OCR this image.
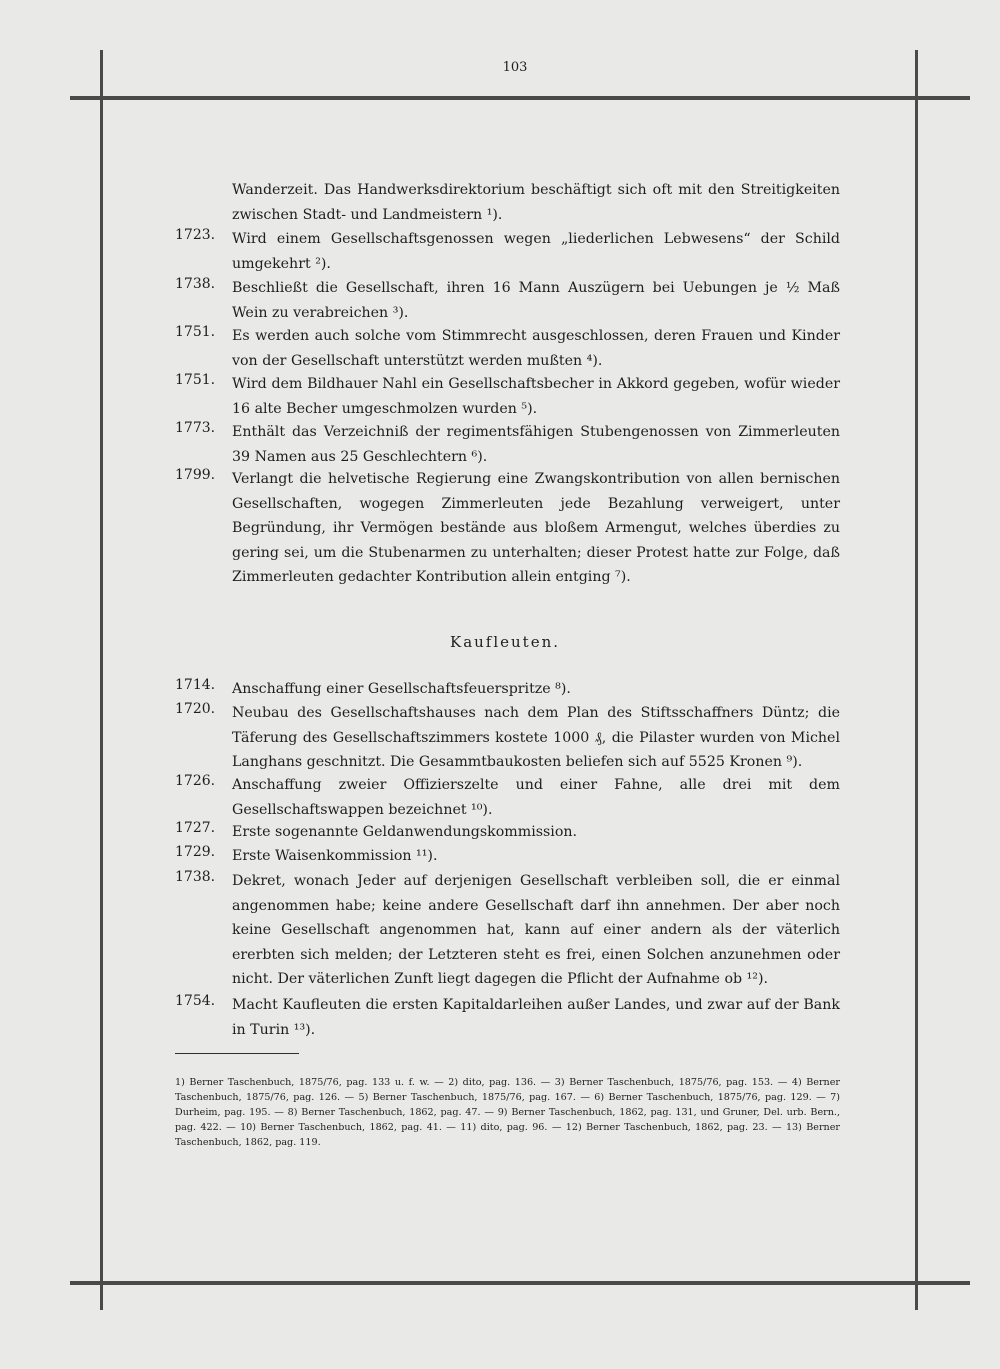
103
Wanderzeit. Das Handwerksdirektorium beschäftigt sich oft mit den Streitigkeiten zwischen Stadt- und Landmeistern ¹).
1723.	Wird einem Gesellschaftsgenossen wegen „liederlichen Lebwesens“ der Schild umgekehrt ²).
1738.	Beschließt die Gesellschaft, ihren 16 Mann Auszügern bei Uebungen je ½ Maß Wein zu verabreichen ³).
1751.	Es werden auch solche vom Stimmrecht ausgeschlossen, deren Frauen und Kinder von der Gesellschaft unterstützt werden mußten ⁴).
1751.	Wird dem Bildhauer Nahl ein Gesellschaftsbecher in Akkord gegeben, wofür wieder 16 alte Becher umgeschmolzen wurden ⁵).
1773.	Enthält das Verzeichniß der regimentsfähigen Stubengenossen von Zimmerleuten 39 Namen aus 25 Geschlechtern ⁶).
1799.	Verlangt die helvetische Regierung eine Zwangskontribution von allen bernischen Gesellschaften, wogegen Zimmerleuten jede Bezahlung verweigert, unter Begründung, ihr Vermögen bestände aus bloßem Armengut, welches überdies zu gering sei, um die Stubenarmen zu unterhalten; dieser Protest hatte zur Folge, daß Zimmerleuten gedachter Kontribution allein entging ⁷).
Kaufleuten.
1714.	Anschaffung einer Gesellschaftsfeuerspritze ⁸).
1720.	Neubau des Gesellschaftshauses nach dem Plan des Stiftsschaffners Düntz; die Täferung des Gesellschaftszimmers kostete 1000 ₰, die Pilaster wurden von Michel Langhans geschnitzt. Die Gesammtbaukosten beliefen sich auf 5525 Kronen ⁹).
1726.	Anschaffung zweier Offizierszelte und einer Fahne, alle drei mit dem Gesellschaftswappen bezeichnet ¹⁰).
1727.	Erste sogenannte Geldanwendungskommission.
1729.	Erste Waisenkommission ¹¹).
1738.	Dekret, wonach Jeder auf derjenigen Gesellschaft verbleiben soll, die er einmal angenommen habe; keine andere Gesellschaft darf ihn annehmen. Der aber noch keine Gesellschaft angenommen hat, kann auf einer andern als der väterlich ererbten sich melden; der Letzteren steht es frei, einen Solchen anzunehmen oder nicht. Der väterlichen Zunft liegt dagegen die Pflicht der Aufnahme ob ¹²).
1754.	Macht Kaufleuten die ersten Kapitaldarleihen außer Landes, und zwar auf der Bank in Turin ¹³).
1) Berner Taschenbuch, 1875/76, pag. 133 u. f. w. — 2) dito, pag. 136. — 3) Berner Taschenbuch, 1875/76, pag. 153. — 4) Berner Taschenbuch, 1875/76, pag. 126. — 5) Berner Taschenbuch, 1875/76, pag. 167. — 6) Berner Taschenbuch, 1875/76, pag. 129. — 7) Durheim, pag. 195. — 8) Berner Taschenbuch, 1862, pag. 47. — 9) Berner Taschenbuch, 1862, pag. 131, und Gruner, Del. urb. Bern., pag. 422. — 10) Berner Taschenbuch, 1862, pag. 41. — 11) dito, pag. 96. — 12) Berner Taschenbuch, 1862, pag. 23. — 13) Berner Taschenbuch, 1862, pag. 119.
